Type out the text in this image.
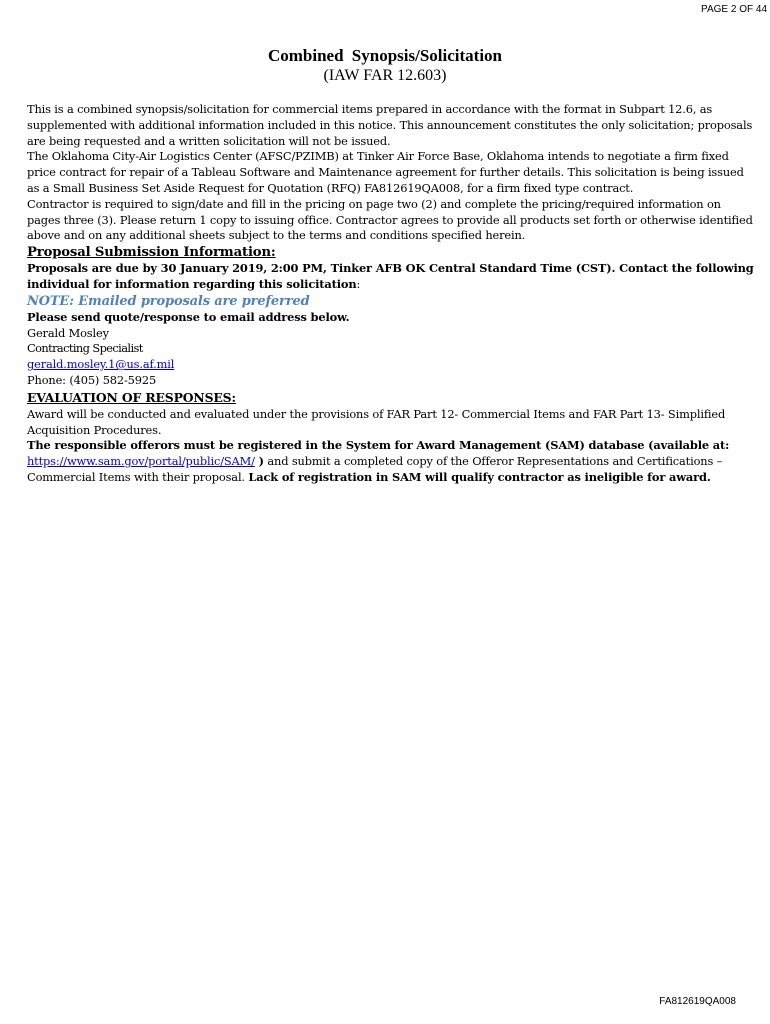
PAGE 2 OF 44
Combined Synopsis/Solicitation
(IAW FAR 12.603)

This is a combined synopsis/solicitation for commercial items prepared in accordance with the format in Subpart 12.6, as supplemented with additional information included in this notice. This announcement constitutes the only solicitation; proposals are being requested and a written solicitation will not be issued.

The Oklahoma City-Air Logistics Center (AFSC/PZIMB) at Tinker Air Force Base, Oklahoma intends to negotiate a firm fixed price contract for repair of a Tableau Software and Maintenance agreement for further details. This solicitation is being issued as a Small Business Set Aside Request for Quotation (RFQ) FA812619QA008, for a firm fixed type contract.

Contractor is required to sign/date and fill in the pricing on page two (2) and complete the pricing/required information on pages three (3). Please return 1 copy to issuing office. Contractor agrees to provide all products set forth or otherwise identified above and on any additional sheets subject to the terms and conditions specified herein.

Proposal Submission Information:

Proposals are due by 30 January 2019, 2:00 PM, Tinker AFB OK Central Standard Time (CST). Contact the following individual for information regarding this solicitation:

NOTE: Emailed proposals are preferred

Please send quote/response to email address below.

Gerald Mosley

Contracting Specialist

gerald.mosley.1@us.af.mil

Phone: (405) 582-5925

EVALUATION OF RESPONSES:

Award will be conducted and evaluated under the provisions of FAR Part 12- Commercial Items and FAR Part 13- Simplified Acquisition Procedures.

The responsible offerors must be registered in the System for Award Management (SAM) database (available at:
https://www.sam.gov/portal/public/SAM/ ) and submit a completed copy of the Offeror Representations and Certifications – Commercial Items with their proposal. Lack of registration in SAM will qualify contractor as ineligible for award.

FA812619QA008
